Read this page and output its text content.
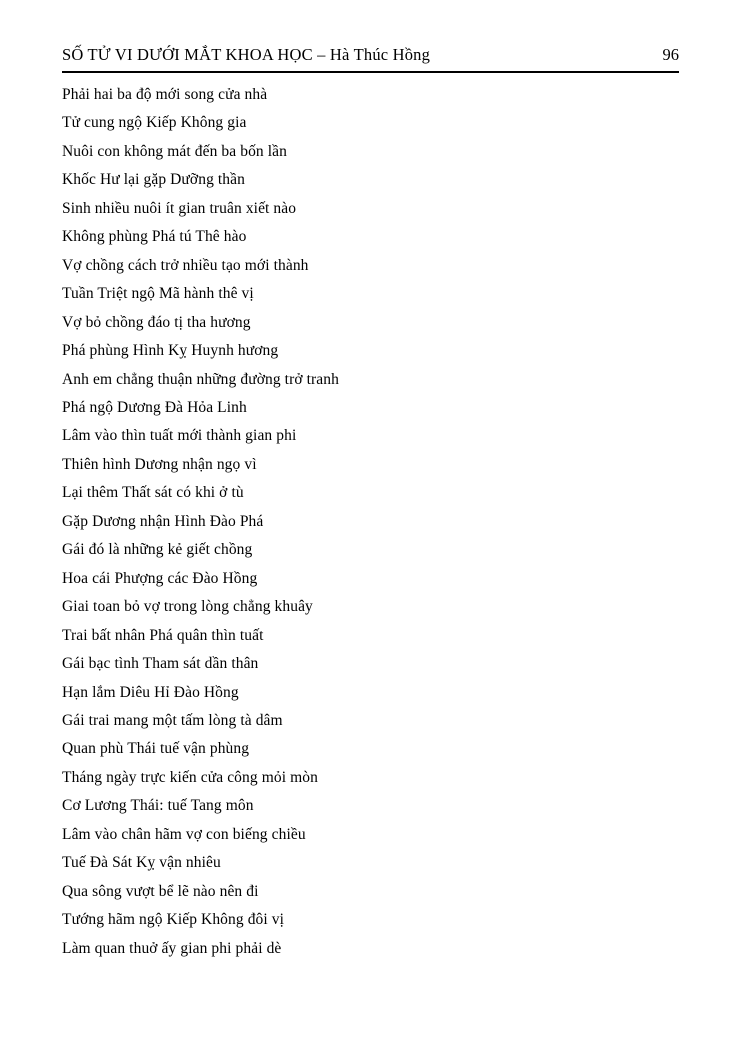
SỐ TỬ VI DƯỚI MẮT KHOA HỌC – Hà Thúc Hồng	96
Phải hai ba độ mới song cửa nhà
Tử cung ngộ Kiếp Không gia
Nuôi con không mát đến ba bốn lần
Khốc Hư lại gặp Dưỡng thần
Sinh nhiều nuôi ít gian truân xiết nào
Không phùng Phá tú Thê hào
Vợ chồng cách trở nhiều tạo mới thành
Tuần Triệt ngộ Mã hành thê vị
Vợ bỏ chồng đáo tị tha hương
Phá phùng Hình Kỵ Huynh hương
Anh em chẳng thuận những đường trở tranh
Phá ngộ Dương Đà Hỏa Linh
Lâm vào thìn tuất mới thành gian phi
Thiên hình Dương nhận ngọ vì
Lại thêm Thất sát có khi ở tù
Gặp Dương nhận Hình Đào Phá
Gái đó là những kẻ giết chồng
Hoa cái Phượng các Đào Hồng
Giai toan bỏ vợ trong lòng chẳng khuây
Trai bất nhân Phá quân thìn tuất
Gái bạc tình Tham sát dần thân
Hạn lắm Diêu Hỉ Đào Hồng
Gái trai mang một tấm lòng tà dâm
Quan phù Thái tuế vận phùng
Tháng ngày trực kiến cửa công mỏi mòn
Cơ Lương Thái: tuế Tang môn
Lâm vào chân hãm vợ con biếng chiều
Tuế Đà Sát Kỵ vận nhiêu
Qua sông vượt bể lẽ nào nên đi
Tướng hãm ngộ Kiếp Không đôi vị
Làm quan thuở ấy gian phi phải dè
